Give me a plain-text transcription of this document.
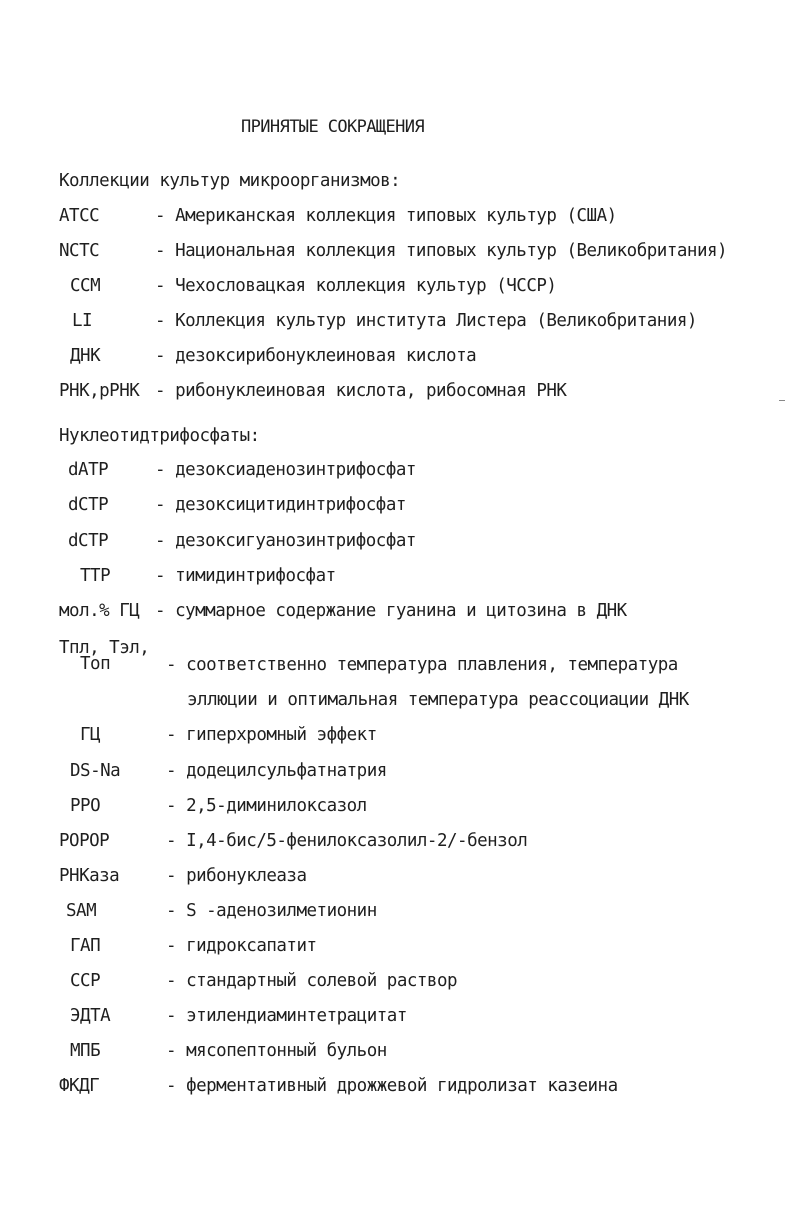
ПРИНЯТЫЕ СОКРАЩЕНИЯ
Коллекции культур микроорганизмов:
АТСС	- Американская коллекция типовых культур (США)
NCTC	- Национальная коллекция типовых культур (Великобритания)
ССМ	- Чехословацкая коллекция культур (ЧССР)
LI	- Коллекция культур института Листера (Великобритания)
ДНК	- дезоксирибонуклеиновая кислота
РНК,рРНК - рибонуклеиновая кислота, рибосомная РНК
Нуклеотидтрифосфаты:
dАТР	- дезоксиаденозинтрифосфат
dСТР	- дезоксицитидинтрифосфат
dСТР	- дезоксигуанозинтрифосфат
ТТР	- тимидинтрифосфат
мол.% ГЦ - суммарное содержание гуанина и цитозина в ДНК
Тпл, Тэл,
Топ	- соответственно температура плавления, температура
эллюции и оптимальная температура реассоциации ДНК
ГЦ	- гиперхромный эффект
DS-Na	- додецилсульфатнатрия
РРО	- 2,5-диминилоксазол
РОРОР	- I,4-бис/5-фенилоксазолил-2/-бензол
РНКаза	- рибонуклеаза
SАМ	- S -аденозилметионин
ГАП	- гидроксапатит
ССР	- стандартный солевой раствор
ЭДТА	- этилендиаминтетрацитат
МПБ	- мясопептонный бульон
ФКДГ	- ферментативный дрожжевой гидролизат казеина
